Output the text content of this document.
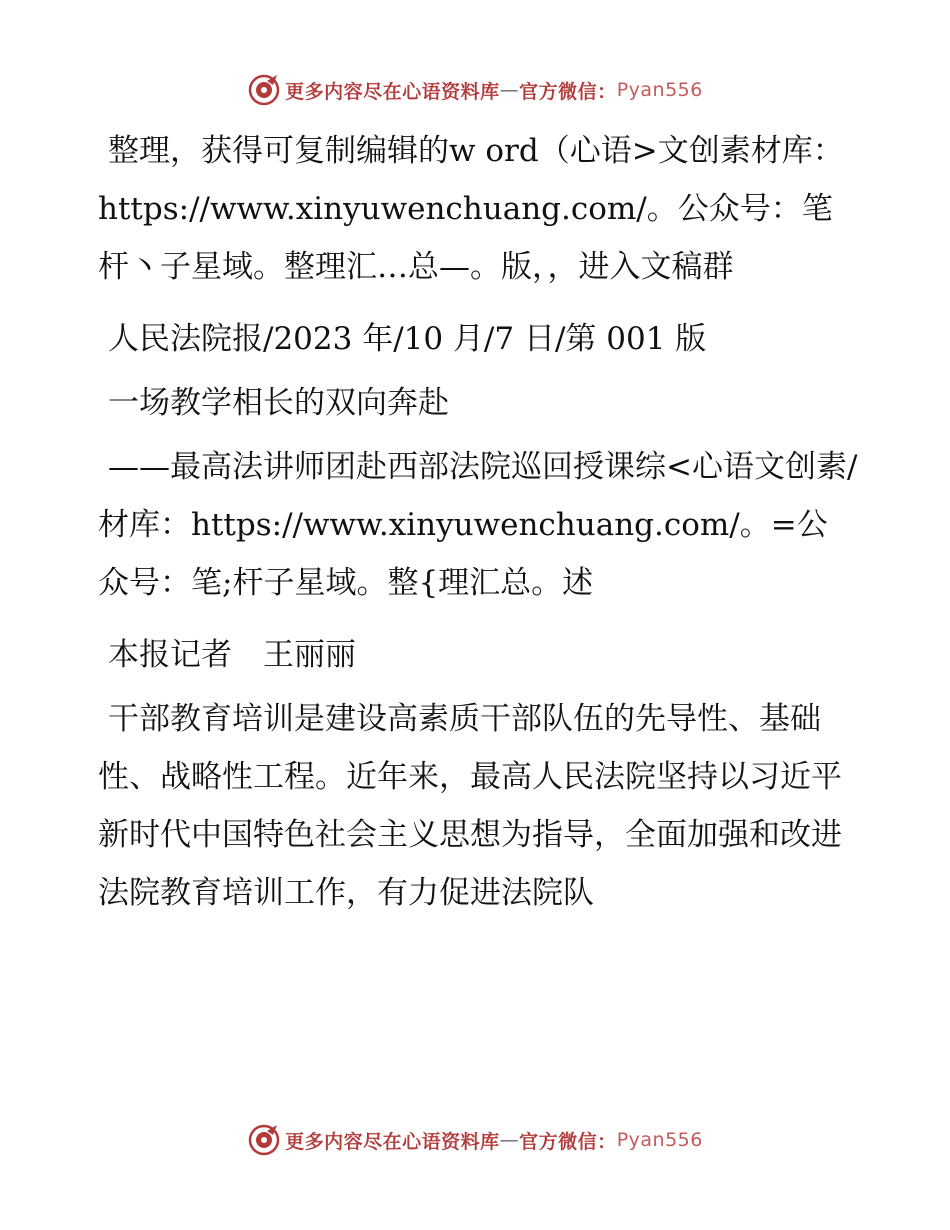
更多内容尽在心语资料库 — 官方微信： Pyan556

整理，获得可复制编辑的w ord（心语>文创素材库：https://www.xinyuwenchuang.com/。公众号：笔杆丶子星域。整理汇…总—。版，，进入文稿群

人民法院报/2023 年/10 月/7 日/第 001 版

一场教学相长的双向奔赴

——最高法讲师团赴西部法院巡回授课综<心语文创素/材库：https://www.xinyuwenchuang.com/。=公众号：笔;杆子星域。整{理汇总。述

本报记者　王丽丽

干部教育培训是建设高素质干部队伍的先导性、基础性、战略性工程。近年来，最高人民法院坚持以习近平新时代中国特色社会主义思想为指导，全面加强和改进法院教育培训工作，有力促进法院队

更多内容尽在心语资料库 — 官方微信： Pyan556
